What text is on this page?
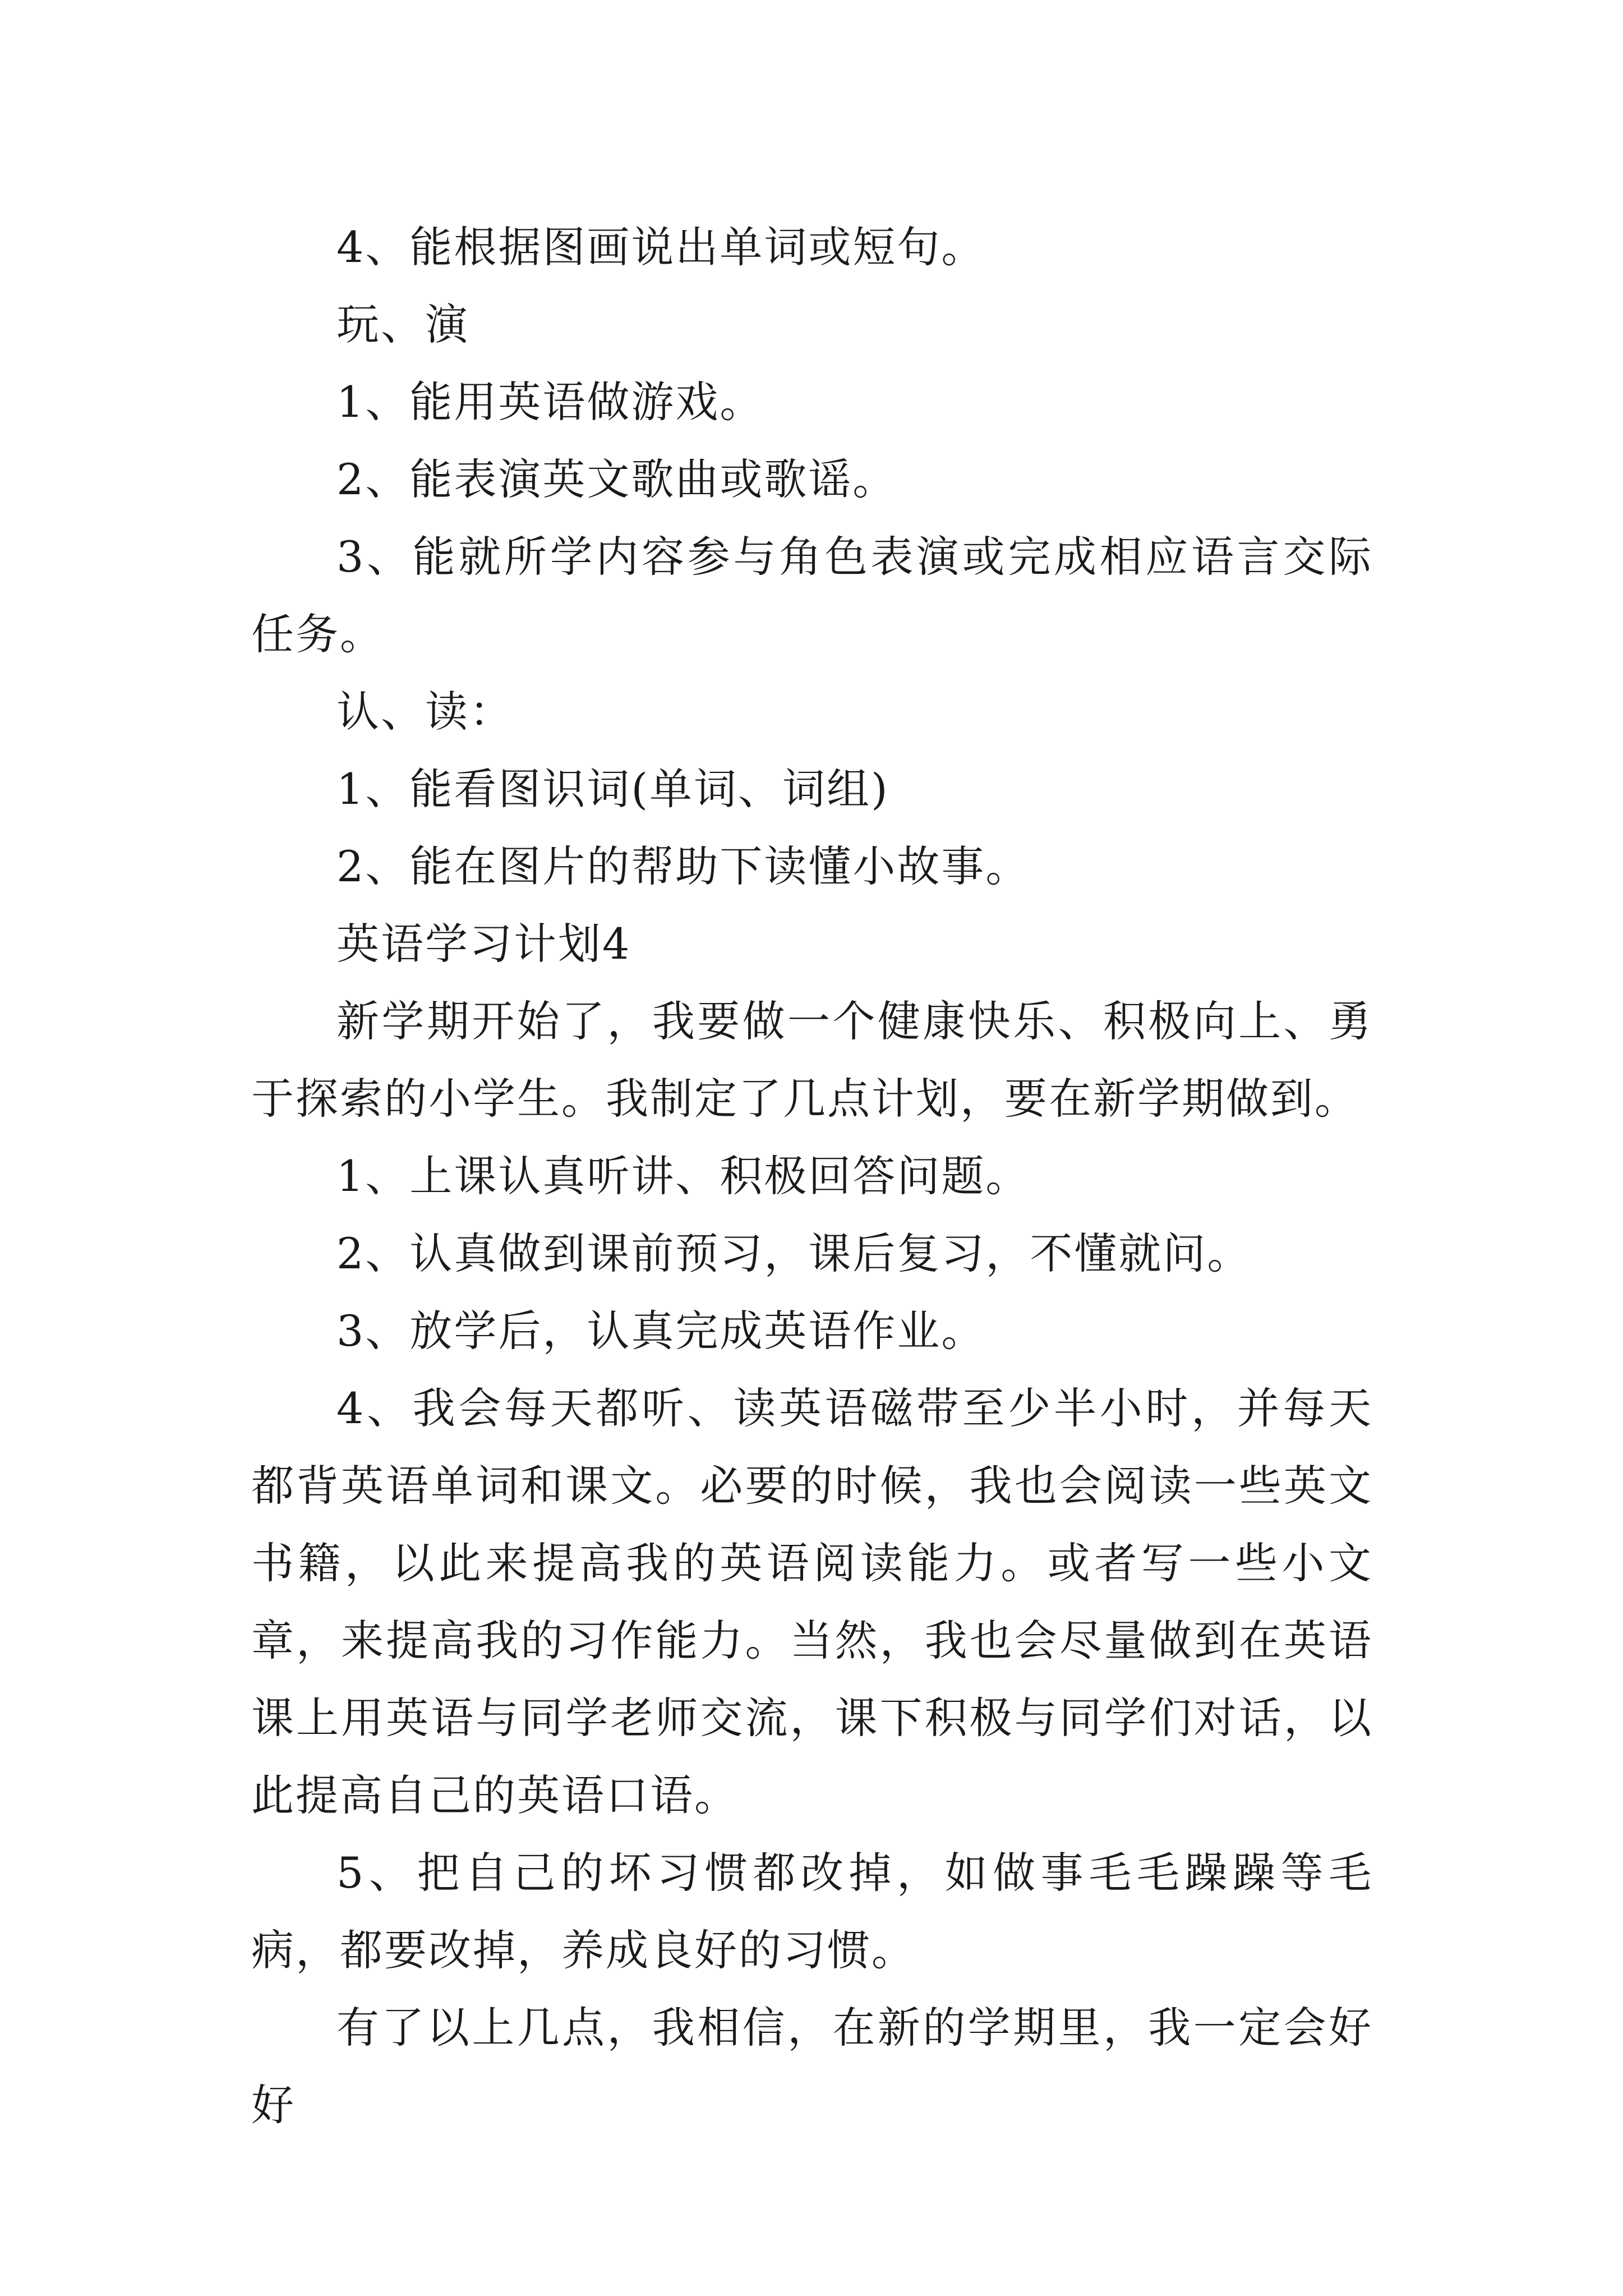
4、能根据图画说出单词或短句。

玩、演

1、能用英语做游戏。

2、能表演英文歌曲或歌谣。

3、能就所学内容参与角色表演或完成相应语言交际任务。

认、读：

1、能看图识词(单词、词组)

2、能在图片的帮助下读懂小故事。

英语学习计划4

新学期开始了，我要做一个健康快乐、积极向上、勇于探索的小学生。我制定了几点计划，要在新学期做到。

1、上课认真听讲、积极回答问题。

2、认真做到课前预习，课后复习，不懂就问。

3、放学后，认真完成英语作业。

4、我会每天都听、读英语磁带至少半小时，并每天都背英语单词和课文。必要的时候，我也会阅读一些英文书籍，以此来提高我的英语阅读能力。或者写一些小文章，来提高我的习作能力。当然，我也会尽量做到在英语课上用英语与同学老师交流，课下积极与同学们对话，以此提高自己的英语口语。

5、把自己的坏习惯都改掉，如做事毛毛躁躁等毛病，都要改掉，养成良好的习惯。

有了以上几点，我相信，在新的学期里，我一定会好好
